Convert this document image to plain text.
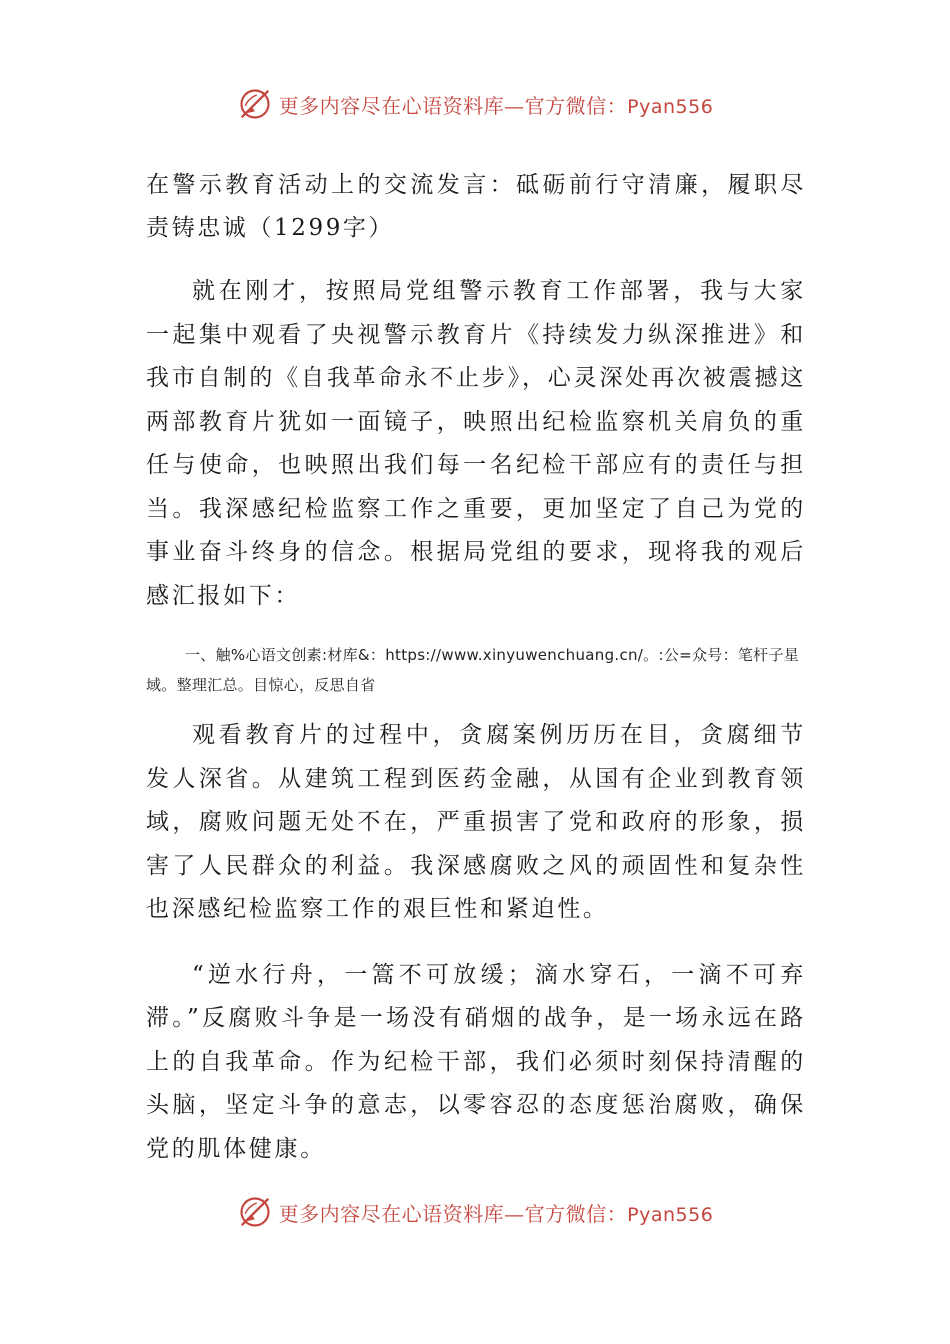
更多内容尽在心语资料库—官方微信：Pyan556
在警示教育活动上的交流发言：砥砺前行守清廉，履职尽责铸忠诚（1299字）

就在刚才，按照局党组警示教育工作部署，我与大家一起集中观看了央视警示教育片《持续发力纵深推进》和我市自制的《自我革命永不止步》，心灵深处再次被震撼这两部教育片犹如一面镜子，映照出纪检监察机关肩负的重任与使命，也映照出我们每一名纪检干部应有的责任与担当。我深感纪检监察工作之重要，更加坚定了自己为党的事业奋斗终身的信念。根据局党组的要求，现将我的观后感汇报如下：

一、触%心语文创素:材库&：https://www.xinyuwenchuang.cn/。:公=众号：笔杆子星域。整理汇总。目惊心，反思自省

观看教育片的过程中，贪腐案例历历在目，贪腐细节发人深省。从建筑工程到医药金融，从国有企业到教育领域，腐败问题无处不在，严重损害了党和政府的形象，损害了人民群众的利益。我深感腐败之风的顽固性和复杂性也深感纪检监察工作的艰巨性和紧迫性。

“逆水行舟，一篙不可放缓；滴水穿石，一滴不可弃滞。”反腐败斗争是一场没有硝烟的战争，是一场永远在路上的自我革命。作为纪检干部，我们必须时刻保持清醒的头脑，坚定斗争的意志，以零容忍的态度惩治腐败，确保党的肌体健康。

更多内容尽在心语资料库—官方微信：Pyan556
